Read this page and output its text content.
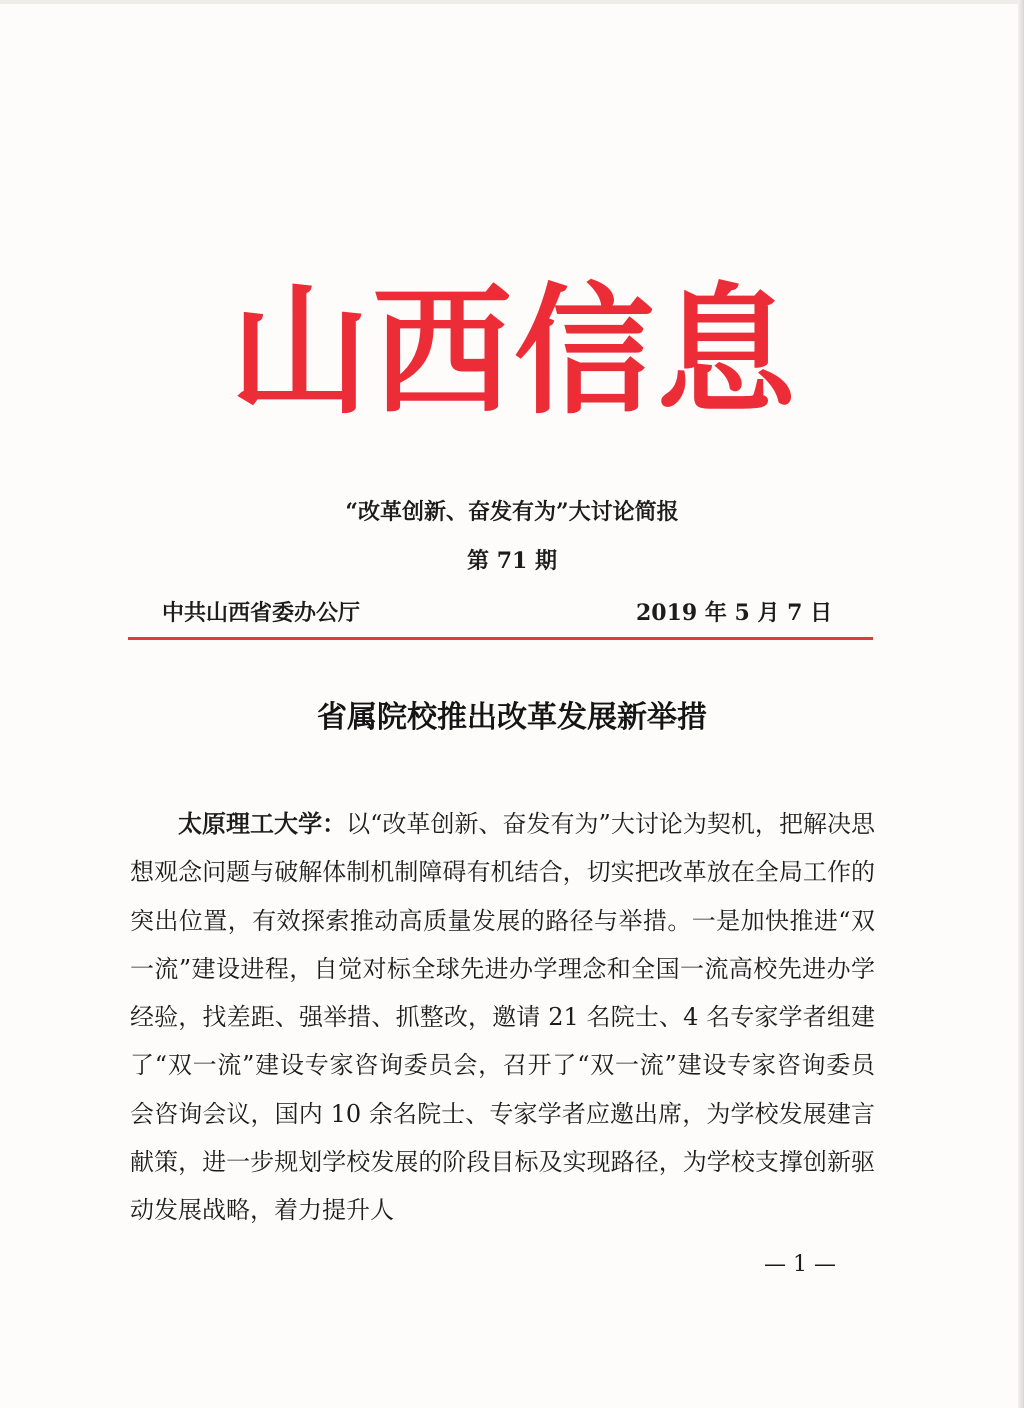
山西信息
“改革创新、奋发有为”大讨论简报
第 71 期
中共山西省委办公厅	2019 年 5 月 7 日
省属院校推出改革发展新举措

太原理工大学：以“改革创新、奋发有为”大讨论为契机，把解决思想观念问题与破解体制机制障碍有机结合，切实把改革放在全局工作的突出位置，有效探索推动高质量发展的路径与举措。一是加快推进“双一流”建设进程，自觉对标全球先进办学理念和全国一流高校先进办学经验，找差距、强举措、抓整改，邀请 21 名院士、4 名专家学者组建了“双一流”建设专家咨询委员会，召开了“双一流”建设专家咨询委员会咨询会议，国内 10 余名院士、专家学者应邀出席，为学校发展建言献策，进一步规划学校发展的阶段目标及实现路径，为学校支撑创新驱动发展战略，着力提升人

— 1 —
